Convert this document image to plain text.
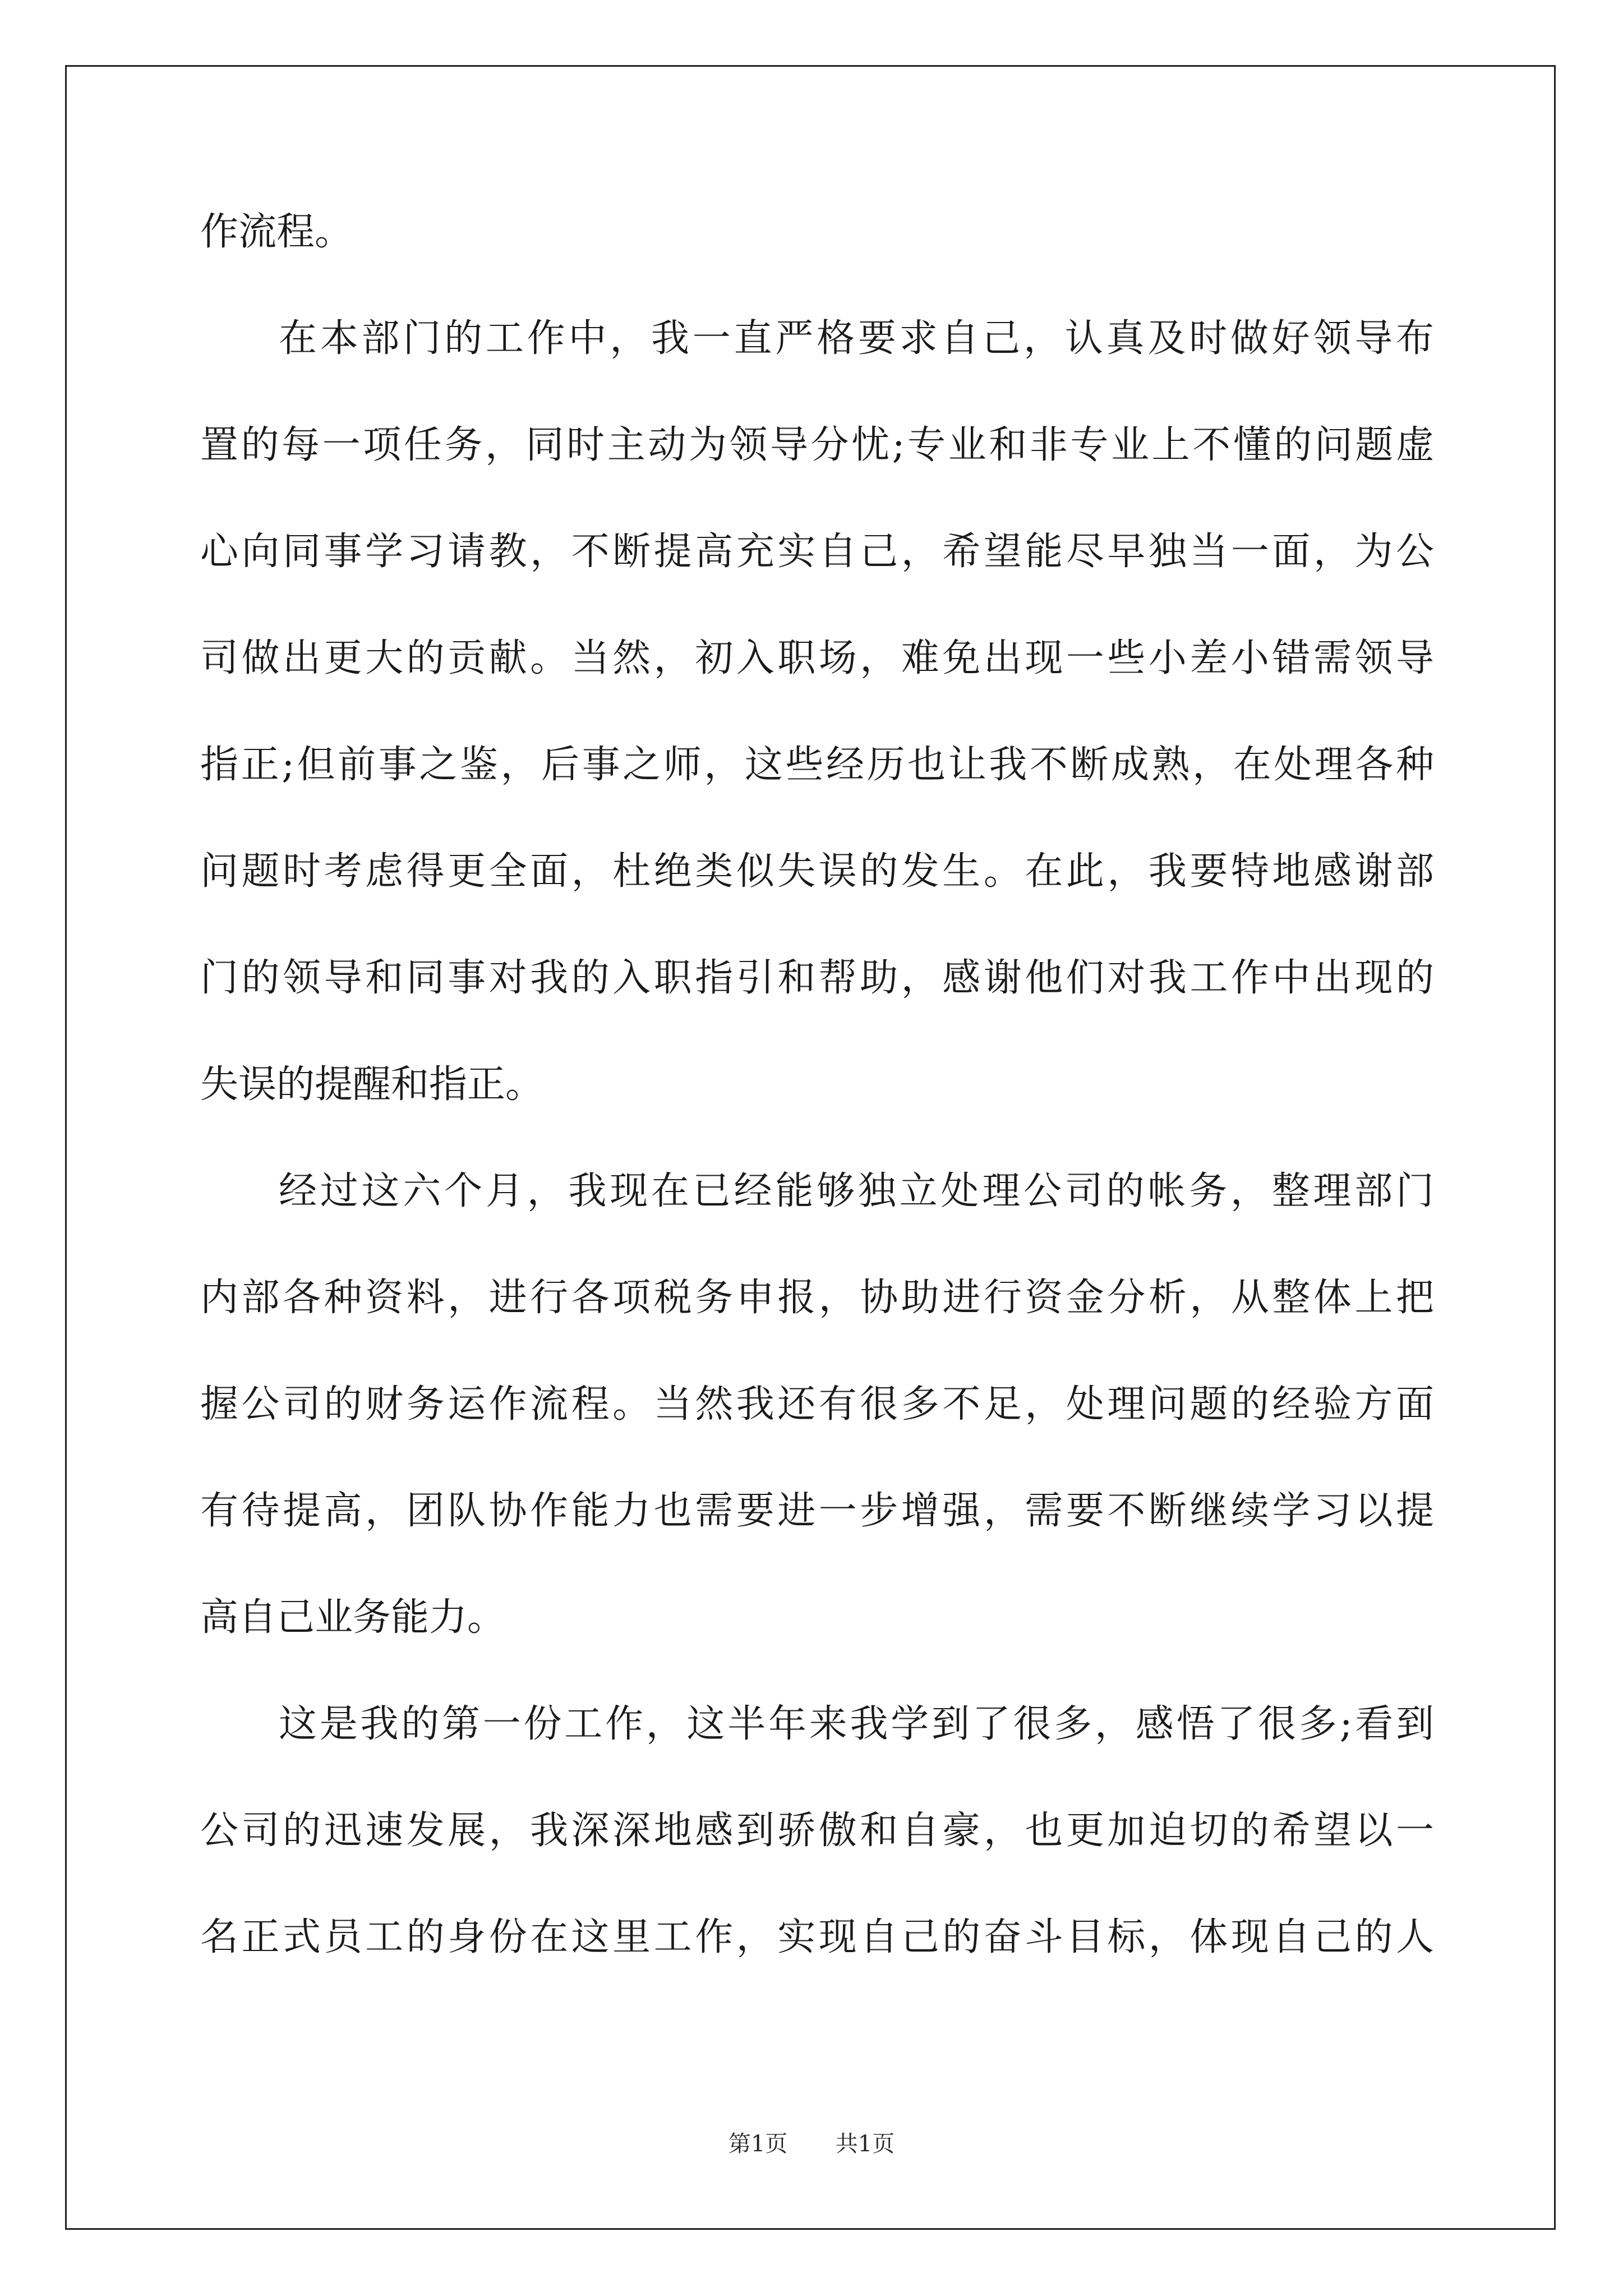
作流程。
在本部门的工作中，我一直严格要求自己，认真及时做好领导布
置的每一项任务，同时主动为领导分忧;专业和非专业上不懂的问题虚
心向同事学习请教，不断提高充实自己，希望能尽早独当一面，为公
司做出更大的贡献。当然，初入职场，难免出现一些小差小错需领导
指正;但前事之鉴，后事之师，这些经历也让我不断成熟，在处理各种
问题时考虑得更全面，杜绝类似失误的发生。在此，我要特地感谢部
门的领导和同事对我的入职指引和帮助，感谢他们对我工作中出现的
失误的提醒和指正。
经过这六个月，我现在已经能够独立处理公司的帐务，整理部门
内部各种资料，进行各项税务申报，协助进行资金分析，从整体上把
握公司的财务运作流程。当然我还有很多不足，处理问题的经验方面
有待提高，团队协作能力也需要进一步增强，需要不断继续学习以提
高自己业务能力。
这是我的第一份工作，这半年来我学到了很多，感悟了很多;看到
公司的迅速发展，我深深地感到骄傲和自豪，也更加迫切的希望以一
名正式员工的身份在这里工作，实现自己的奋斗目标，体现自己的人
第1页 共1页
